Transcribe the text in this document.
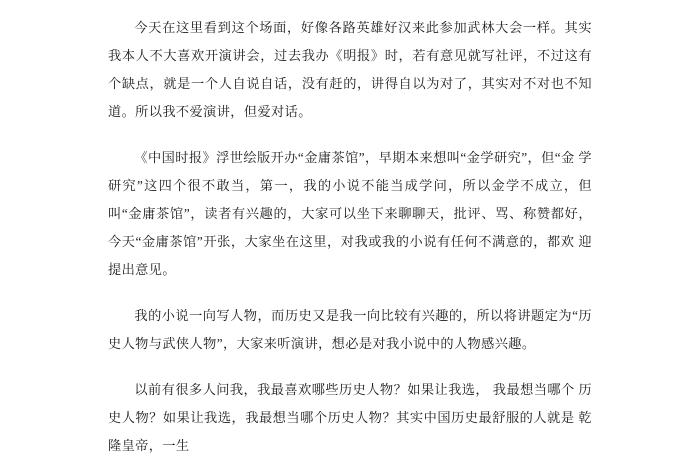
今天在这里看到这个场面，好像各路英雄好汉来此参加武林大会一样。其实 我本人不大喜欢开演讲会，过去我办《明报》时，若有意见就写社评，不过这有 个缺点，就是一个人自说自话，没有赶的，讲得自以为对了，其实对不对也不知 道。所以我不爱演讲，但爱对话。

《中国时报》浮世绘版开办“金庸茶馆”，早期本来想叫“金学研究”，但“金 学研究”这四个很不敢当，第一，我的小说不能当成学问，所以金学不成立，但 叫“金庸茶馆”，读者有兴趣的，大家可以坐下来聊聊天，批评、骂、称赞都好， 今天“金庸茶馆”开张，大家坐在这里，对我或我的小说有任何不满意的，都欢 迎提出意见。

我的小说一向写人物，而历史又是我一向比较有兴趣的，所以将讲题定为“历 史人物与武侠人物”，大家来听演讲，想必是对我小说中的人物感兴趣。

以前有很多人问我，我最喜欢哪些历史人物？如果让我选， 我最想当哪个 历史人物？如果让我选，我最想当哪个历史人物？其实中国历史最舒服的人就是 乾隆皇帝，一生
